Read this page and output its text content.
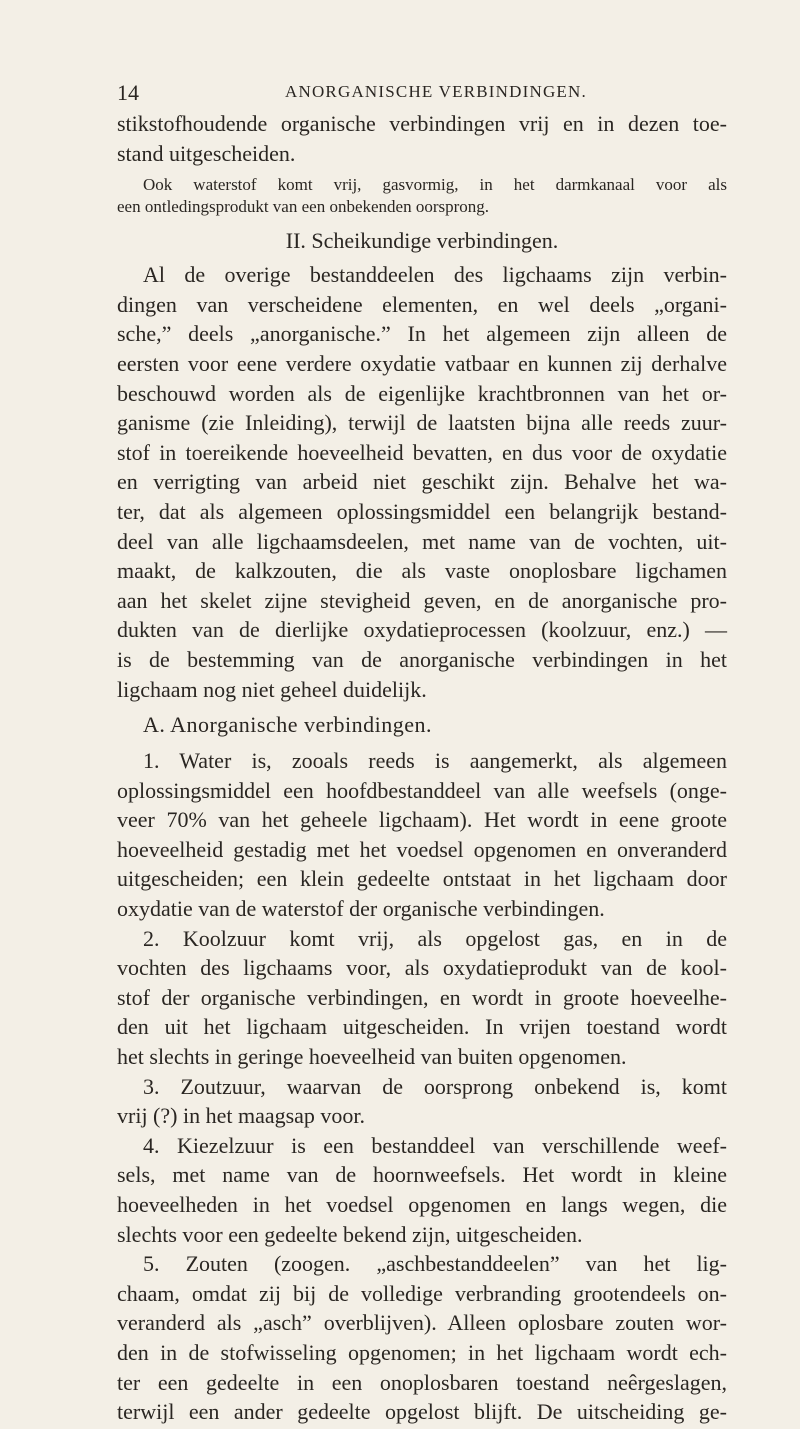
14	ANORGANISCHE VERBINDINGEN.
stikstofhoudende organische verbindingen vrij en in dezen toe-
stand uitgescheiden.
Ook waterstof komt vrij, gasvormig, in het darmkanaal voor als
een ontledingsprodukt van een onbekenden oorsprong.
II. Scheikundige verbindingen.
Al de overige bestanddeelen des ligchaams zijn verbin-
dingen van verscheidene elementen, en wel deels „organi-
sche,” deels „anorganische.” In het algemeen zijn alleen de
eersten voor eene verdere oxydatie vatbaar en kunnen zij derhalve
beschouwd worden als de eigenlijke krachtbronnen van het or-
ganisme (zie Inleiding), terwijl de laatsten bijna alle reeds zuur-
stof in toereikende hoeveelheid bevatten, en dus voor de oxydatie
en verrigting van arbeid niet geschikt zijn. Behalve het wa-
ter, dat als algemeen oplossingsmiddel een belangrijk bestand-
deel van alle ligchaamsdeelen, met name van de vochten, uit-
maakt, de kalkzouten, die als vaste onoplosbare ligchamen
aan het skelet zijne stevigheid geven, en de anorganische pro-
dukten van de dierlijke oxydatieprocessen (koolzuur, enz.) —
is de bestemming van de anorganische verbindingen in het
ligchaam nog niet geheel duidelijk.
A. Anorganische verbindingen.
1. Water is, zooals reeds is aangemerkt, als algemeen
oplossingsmiddel een hoofdbestanddeel van alle weefsels (onge-
veer 70% van het geheele ligchaam). Het wordt in eene groote
hoeveelheid gestadig met het voedsel opgenomen en onveranderd
uitgescheiden; een klein gedeelte ontstaat in het ligchaam door
oxydatie van de waterstof der organische verbindingen.
2. Koolzuur komt vrij, als opgelost gas, en in de
vochten des ligchaams voor, als oxydatieprodukt van de kool-
stof der organische verbindingen, en wordt in groote hoeveelhe-
den uit het ligchaam uitgescheiden. In vrijen toestand wordt
het slechts in geringe hoeveelheid van buiten opgenomen.
3. Zoutzuur, waarvan de oorsprong onbekend is, komt
vrij (?) in het maagsap voor.
4. Kiezelzuur is een bestanddeel van verschillende weef-
sels, met name van de hoornweefsels. Het wordt in kleine
hoeveelheden in het voedsel opgenomen en langs wegen, die
slechts voor een gedeelte bekend zijn, uitgescheiden.
5. Zouten (zoogen. „aschbestanddeelen” van het lig-
chaam, omdat zij bij de volledige verbranding grootendeels on-
veranderd als „asch” overblijven). Alleen oplosbare zouten wor-
den in de stofwisseling opgenomen; in het ligchaam wordt ech-
ter een gedeelte in een onoplosbaren toestand neêrgeslagen,
terwijl een ander gedeelte opgelost blijft. De uitscheiding ge-
